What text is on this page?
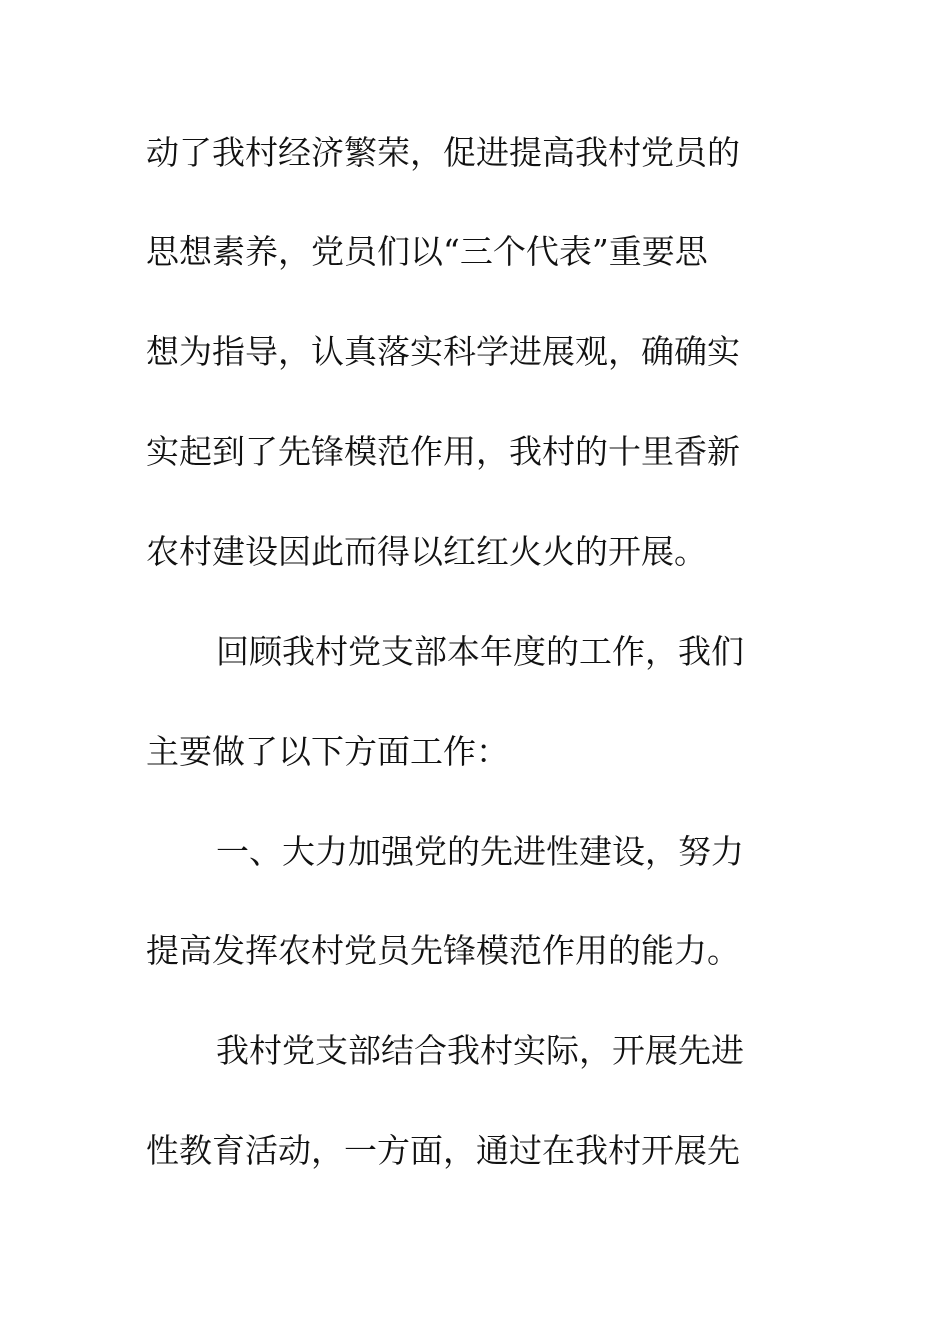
动了我村经济繁荣，促进提高我村党员的
思想素养，党员们以“三个代表”重要思
想为指导，认真落实科学进展观，确确实
实起到了先锋模范作用，我村的十里香新
农村建设因此而得以红红火火的开展。
回顾我村党支部本年度的工作，我们
主要做了以下方面工作：
一、大力加强党的先进性建设，努力
提高发挥农村党员先锋模范作用的能力。
我村党支部结合我村实际，开展先进
性教育活动，一方面，通过在我村开展先
